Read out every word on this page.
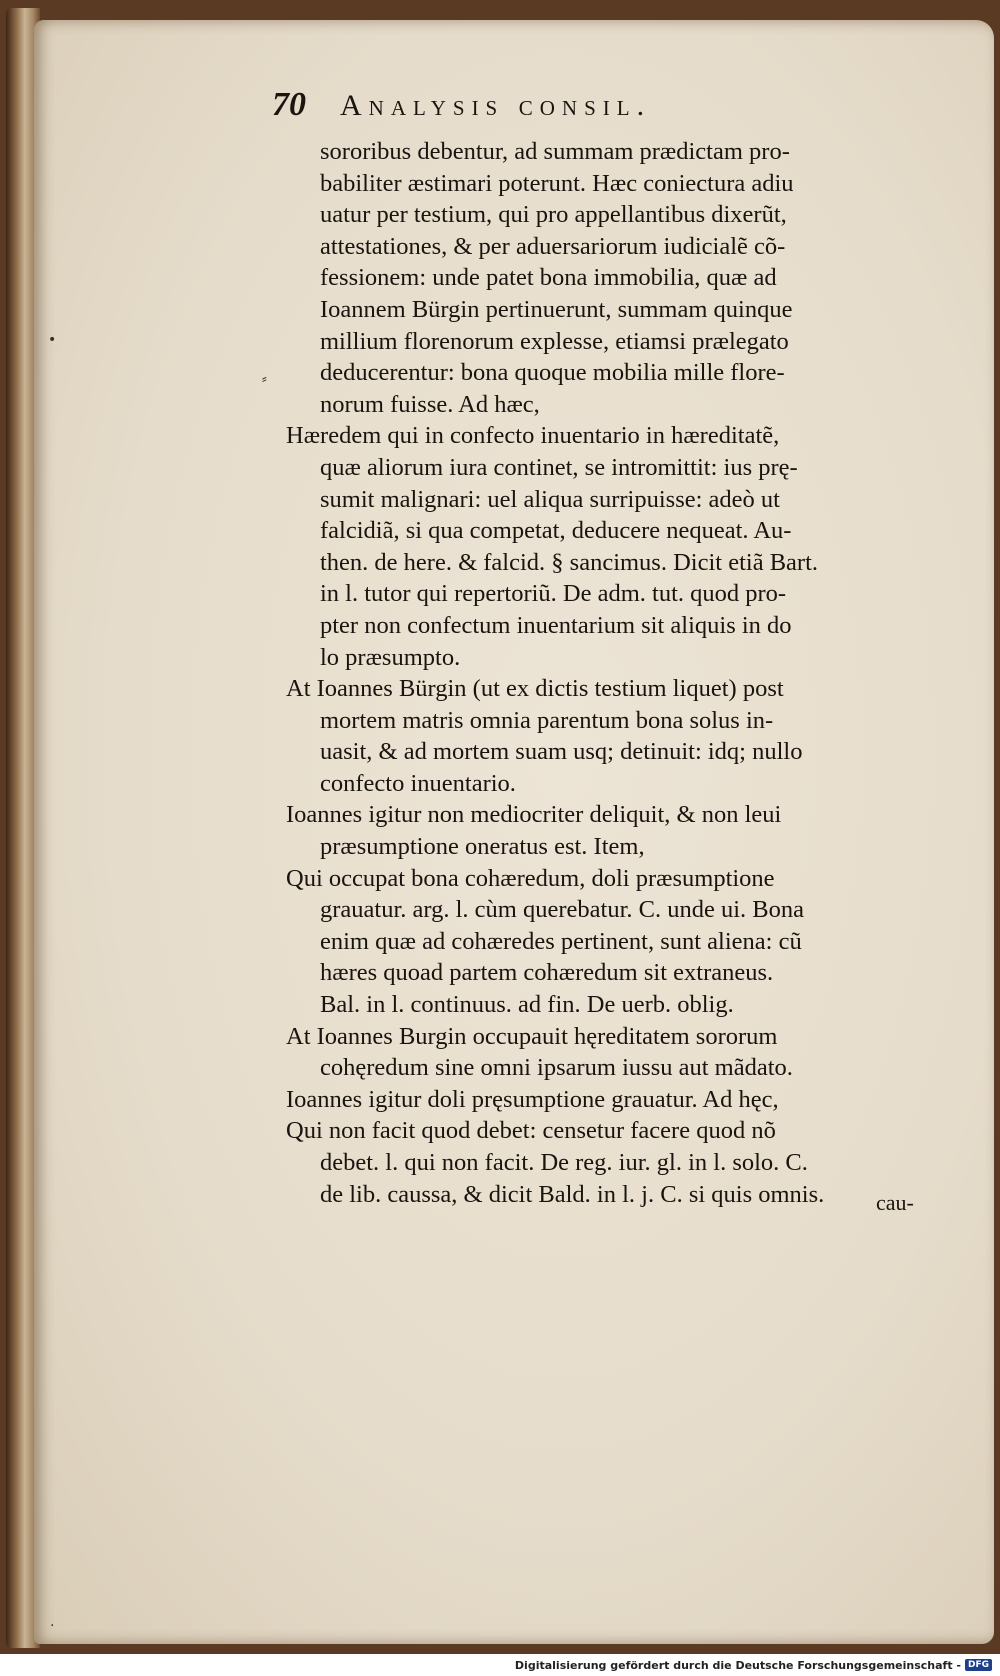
70 Analysis consil.
sororibus debentur, ad summam prædictam pro-
babiliter æstimari poterunt. Hæc coniectura adiu
uatur per testium, qui pro appellantibus dixerũt,
attestationes, & per aduersariorum iudicialẽ cõ-
fessionem: unde patet bona immobilia, quæ ad
Ioannem Bürgin pertinuerunt, summam quinque
millium florenorum explesse, etiamsi prælegato
deducerentur: bona quoque mobilia mille flore-
norum fuisse. Ad hæc,
Hæredem qui in confecto inuentario in hæreditatẽ,
quæ aliorum iura continet, se intromittit: ius prę-
sumit malignari: uel aliqua surripuisse: adeò ut
falcidiã, si qua competat, deducere nequeat. Au-
then. de here. & falcid. § sancimus. Dicit etiã Bart.
in l. tutor qui repertoriũ. De adm. tut. quod pro-
pter non confectum inuentarium sit aliquis in do
lo præsumpto.
At Ioannes Bürgin (ut ex dictis testium liquet) post
mortem matris omnia parentum bona solus in-
uasit, & ad mortem suam usq; detinuit: idq; nullo
confecto inuentario.
Ioannes igitur non mediocriter deliquit, & non leui
præsumptione oneratus est. Item,
Qui occupat bona cohæredum, doli præsumptione
grauatur. arg. l. cùm querebatur. C. unde ui. Bona
enim quæ ad cohæredes pertinent, sunt aliena: cũ
hæres quoad partem cohæredum sit extraneus.
Bal. in l. continuus. ad fin. De uerb. oblig.
At Ioannes Burgin occupauit hęreditatem sororum
cohęredum sine omni ipsarum iussu aut mãdato.
Ioannes igitur doli pręsumptione grauatur. Ad hęc,
Qui non facit quod debet: censetur facere quod nõ
debet. l. qui non facit. De reg. iur. gl. in l. solo. C.
de lib. caussa, & dicit Bald. in l. j. C. si quis omnis.	cau-
•
⸗
·
Digitalisierung gefördert durch die Deutsche Forschungsgemeinschaft - DFG
